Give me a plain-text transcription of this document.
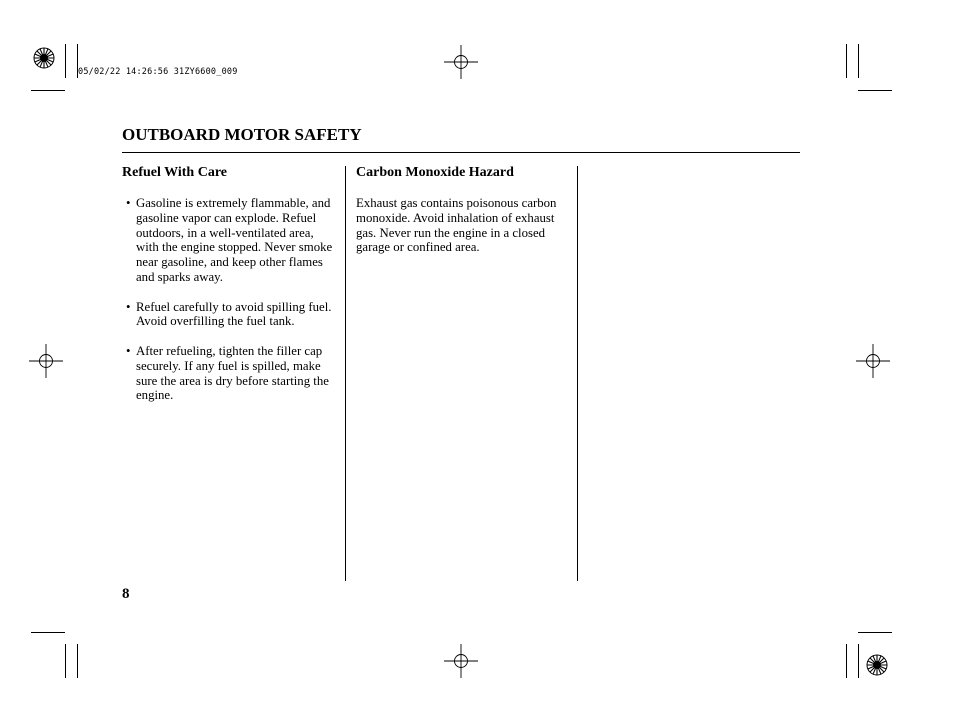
05/02/22 14:26:56 31ZY6600_009
OUTBOARD MOTOR SAFETY
Refuel With Care
• Gasoline is extremely flammable, and gasoline vapor can explode. Refuel outdoors, in a well-ventilated area, with the engine stopped. Never smoke near gasoline, and keep other flames and sparks away.
• Refuel carefully to avoid spilling fuel. Avoid overfilling the fuel tank.
• After refueling, tighten the filler cap securely. If any fuel is spilled, make sure the area is dry before starting the engine.
Carbon Monoxide Hazard

Exhaust gas contains poisonous carbon monoxide. Avoid inhalation of exhaust gas. Never run the engine in a closed garage or confined area.

8
